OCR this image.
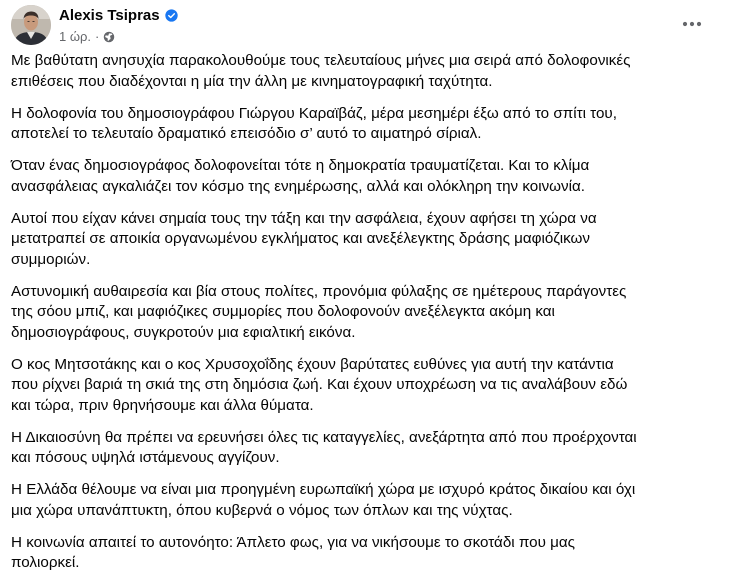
Alexis Tsipras
1 ώρ. ·

Με βαθύτατη ανησυχία παρακολουθούμε τους τελευταίους μήνες μια σειρά από δολοφονικές
επιθέσεις που διαδέχονται η μία την άλλη με κινηματογραφική ταχύτητα.

Η δολοφονία του δημοσιογράφου Γιώργου Καραϊβάζ, μέρα μεσημέρι έξω από το σπίτι του,
αποτελεί το τελευταίο δραματικό επεισόδιο σ’ αυτό το αιματηρό σίριαλ.

Όταν ένας δημοσιογράφος δολοφονείται τότε η δημοκρατία τραυματίζεται. Και το κλίμα
ανασφάλειας αγκαλιάζει τον κόσμο της ενημέρωσης, αλλά και ολόκληρη την κοινωνία.

Αυτοί που είχαν κάνει σημαία τους την τάξη και την ασφάλεια, έχουν αφήσει τη χώρα να
μετατραπεί σε αποικία οργανωμένου εγκλήματος και ανεξέλεγκτης δράσης μαφιόζικων
συμμοριών.

Αστυνομική αυθαιρεσία και βία στους πολίτες, προνόμια φύλαξης σε ημέτερους παράγοντες
της σόου μπιζ, και μαφιόζικες συμμορίες που δολοφονούν ανεξέλεγκτα ακόμη και
δημοσιογράφους, συγκροτούν μια εφιαλτική εικόνα.

Ο κος Μητσοτάκης και ο κος Χρυσοχοΐδης έχουν βαρύτατες ευθύνες για αυτή την κατάντια
που ρίχνει βαριά τη σκιά της στη δημόσια ζωή. Και έχουν υποχρέωση να τις αναλάβουν εδώ
και τώρα, πριν θρηνήσουμε και άλλα θύματα.

Η Δικαιοσύνη θα πρέπει να ερευνήσει όλες τις καταγγελίες, ανεξάρτητα από που προέρχονται
και πόσους υψηλά ιστάμενους αγγίζουν.

Η Ελλάδα θέλουμε να είναι μια προηγμένη ευρωπαϊκή χώρα με ισχυρό κράτος δικαίου και όχι
μια χώρα υπανάπτυκτη, όπου κυβερνά ο νόμος των όπλων και της νύχτας.

Η κοινωνία απαιτεί το αυτονόητο: Άπλετο φως, για να νικήσουμε το σκοτάδι που μας
πολιορκεί.
